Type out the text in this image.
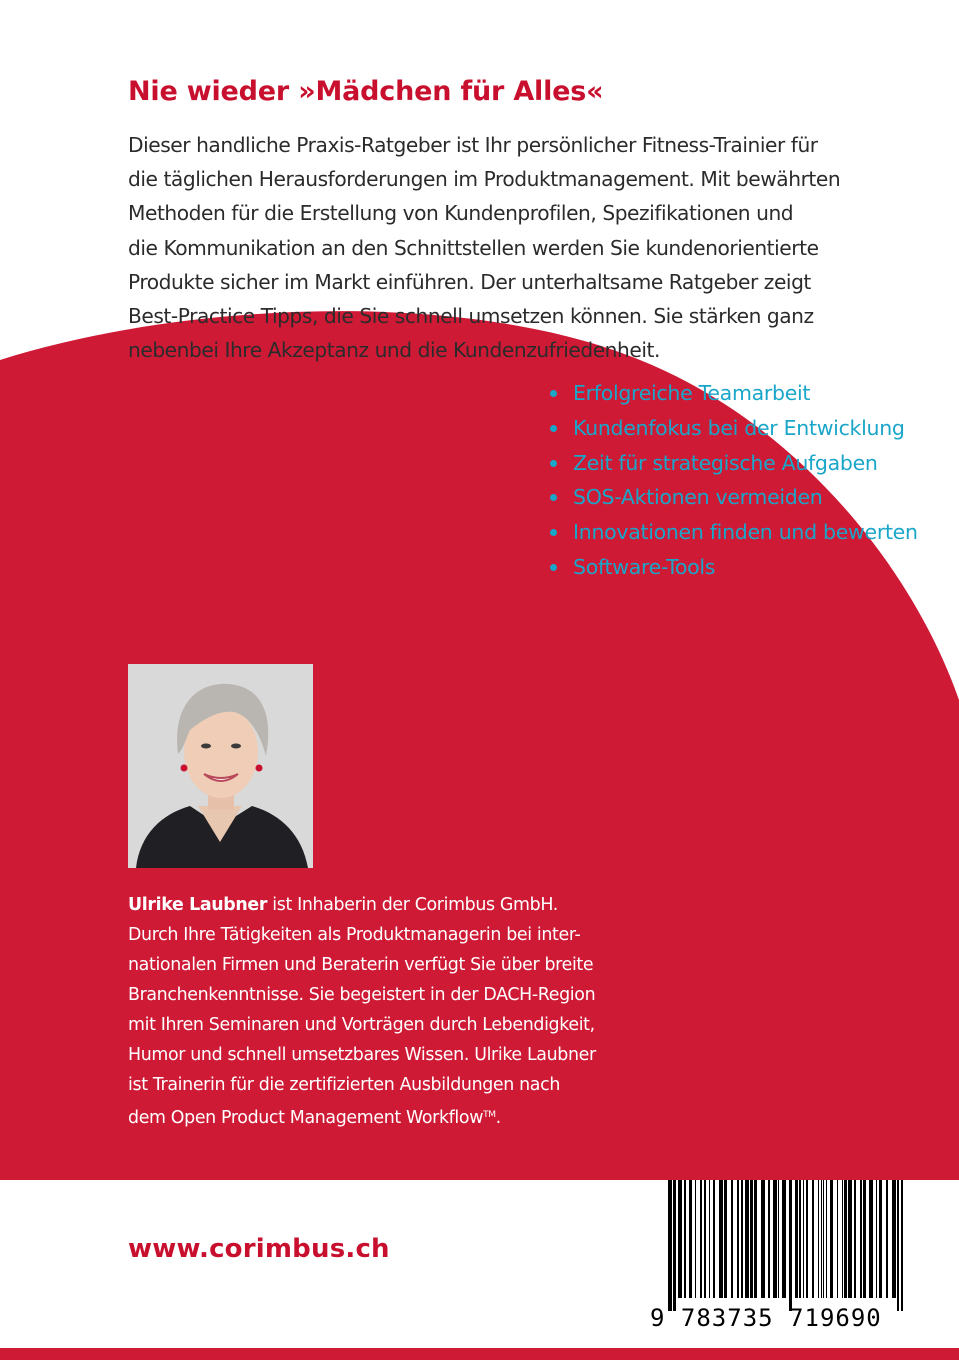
Nie wieder »Mädchen für Alles«

Dieser handliche Praxis-Ratgeber ist Ihr persönlicher Fitness-Trainier für
die täglichen Herausforderungen im Produktmanagement. Mit bewährten
Methoden für die Erstellung von Kundenprofilen, Spezifikationen und
die Kommunikation an den Schnittstellen werden Sie kundenorientierte
Produkte sicher im Markt einführen. Der unterhaltsame Ratgeber zeigt
Best-Practice Tipps, die Sie schnell umsetzen können. Sie stärken ganz
nebenbei Ihre Akzeptanz und die Kundenzufriedenheit.

Erfolgreiche Teamarbeit
Kundenfokus bei der Entwicklung
Zeit für strategische Aufgaben
SOS-Aktionen vermeiden
Innovationen finden und bewerten
Software-Tools

Ulrike Laubner ist Inhaberin der Corimbus GmbH.
Durch Ihre Tätigkeiten als Produktmanagerin bei inter-
nationalen Firmen und Beraterin verfügt Sie über breite
Branchenkenntnisse. Sie begeistert in der DACH-Region
mit Ihren Seminaren und Vorträgen durch Lebendigkeit,
Humor und schnell umsetzbares Wissen. Ulrike Laubner
ist Trainerin für die zertifizierten Ausbildungen nach
dem Open Product Management Workflow™.

www.corimbus.ch
9 783735 719690
